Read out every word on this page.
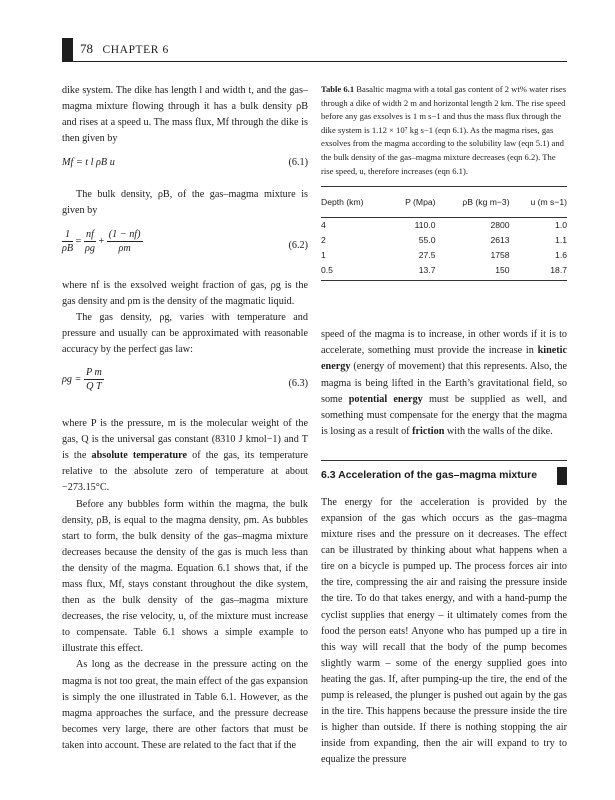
78 CHAPTER 6

dike system. The dike has length l and width t, and the gas–magma mixture flowing through it has a bulk density ρB and rises at a speed u. The mass flux, Mf through the dike is then given by

Mf = t l ρB u	(6.1)

The bulk density, ρB, of the gas–magma mixture is given by

$\frac{1}{\rho B} = \frac{nf}{\rho g} + \frac{(1 - nf)}{\rho m}$	(6.2)

where nf is the exsolved weight fraction of gas, ρg is the gas density and ρm is the density of the magmatic liquid.

The gas density, ρg, varies with temperature and pressure and usually can be approximated with reasonable accuracy by the perfect gas law:

$\rho g = \frac{\text{P m}}{\text{Q T}}$	(6.3)

where P is the pressure, m is the molecular weight of the gas, Q is the universal gas constant (8310 J kmol−1) and T is the absolute temperature of the gas, its temperature relative to the absolute zero of temperature at about −273.15°C.

Before any bubbles form within the magma, the bulk density, ρB, is equal to the magma density, ρm. As bubbles start to form, the bulk density of the gas–magma mixture decreases because the density of the gas is much less than the density of the magma. Equation 6.1 shows that, if the mass flux, Mf, stays constant throughout the dike system, then as the bulk density of the gas–magma mixture decreases, the rise velocity, u, of the mixture must increase to compensate. Table 6.1 shows a simple example to illustrate this effect.

As long as the decrease in the pressure acting on the magma is not too great, the main effect of the gas expansion is simply the one illustrated in Table 6.1. However, as the magma approaches the surface, and the pressure decrease becomes very large, there are other factors that must be taken into account. These are related to the fact that if the

Table 6.1 Basaltic magma with a total gas content of 2 wt% water rises through a dike of width 2 m and horizontal length 2 km. The rise speed before any gas exsolves is 1 m s−1 and thus the mass flux through the dike system is 1.12 × 10⁷ kg s−1 (eqn 6.1). As the magma rises, gas exsolves from the magma according to the solubility law (eqn 5.1) and the bulk density of the gas–magma mixture decreases (eqn 6.2). The rise speed, u, therefore increases (eqn 6.1).
Depth (km)	P (Mpa)	ρB (kg m−3)	u (m s−1)
4	110.0	2800	1.0
2	55.0	2613	1.1
1	27.5	1758	1.6
0.5	13.7	150	18.7

speed of the magma is to increase, in other words if it is to accelerate, something must provide the increase in kinetic energy (energy of movement) that this represents. Also, the magma is being lifted in the Earth’s gravitational field, so some potential energy must be supplied as well, and something must compensate for the energy that the magma is losing as a result of friction with the walls of the dike.

6.3 Acceleration of the gas–magma mixture

The energy for the acceleration is provided by the expansion of the gas which occurs as the gas–magma mixture rises and the pressure on it decreases. The effect can be illustrated by thinking about what happens when a tire on a bicycle is pumped up. The process forces air into the tire, compressing the air and raising the pressure inside the tire. To do that takes energy, and with a hand-pump the cyclist supplies that energy – it ultimately comes from the food the person eats! Anyone who has pumped up a tire in this way will recall that the body of the pump becomes slightly warm – some of the energy supplied goes into heating the gas. If, after pumping-up the tire, the end of the pump is released, the plunger is pushed out again by the gas in the tire. This happens because the pressure inside the tire is higher than outside. If there is nothing stopping the air inside from expanding, then the air will expand to try to equalize the pressure
